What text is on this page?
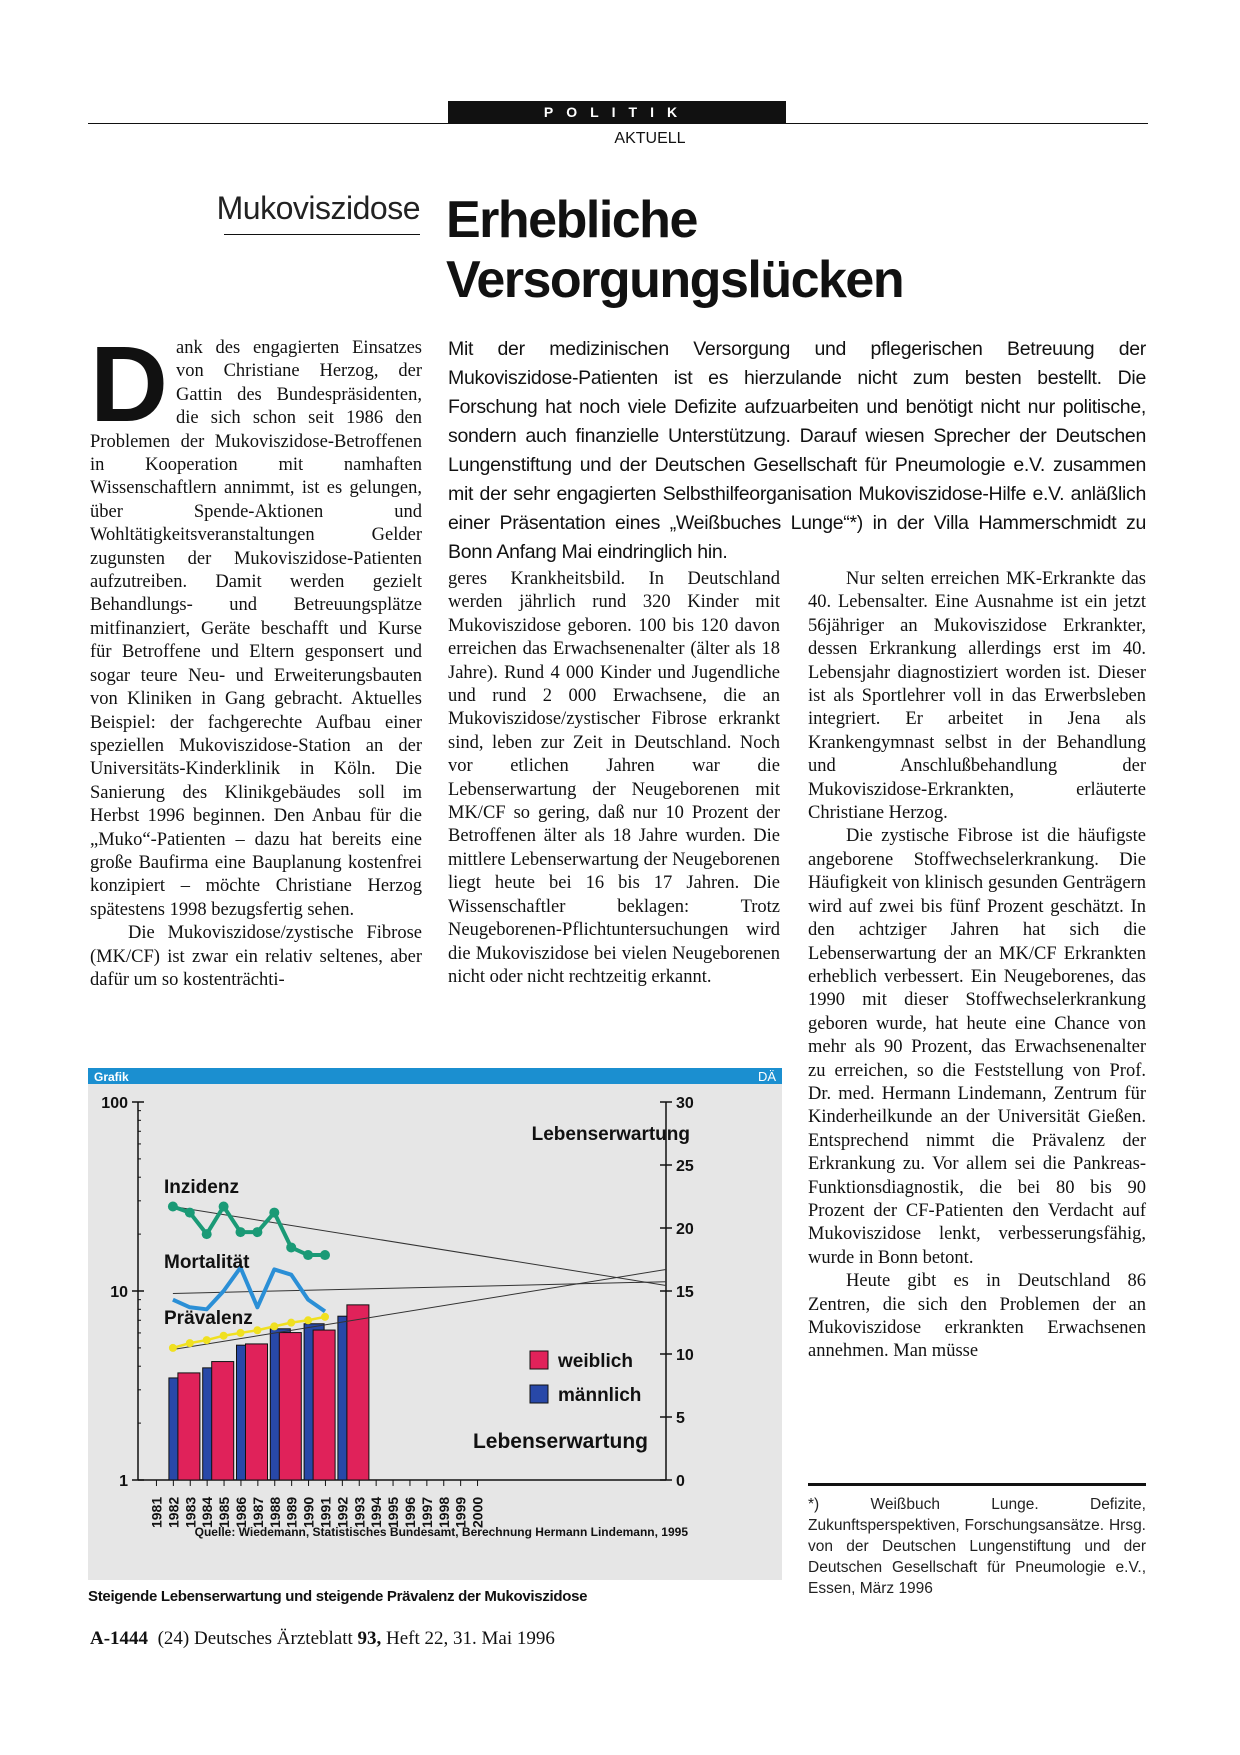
POLITIK
AKTUELL
Mukoviszidose Erhebliche
Versorgungslücken
Mit der medizinischen Versorgung und pflegerischen Betreuung der Mukoviszidose-Patienten ist es hierzulande nicht zum besten bestellt. Die Forschung hat noch viele Defizite aufzuarbeiten und benötigt nicht nur politische, sondern auch finanzielle Unterstützung. Darauf wiesen Sprecher der Deutschen Lungenstiftung und der Deutschen Gesellschaft für Pneumologie e.V. zusammen mit der sehr engagierten Selbsthilfeorganisation Mukoviszidose-Hilfe e.V. anläßlich einer Präsentation eines „Weißbuches Lunge“*) in der Villa Hammerschmidt zu Bonn Anfang Mai eindringlich hin.

Dank des engagierten Einsatzes von Christiane Herzog, der Gattin des Bundespräsidenten, die sich schon seit 1986 den Problemen der Mukoviszidose-Betroffenen in Kooperation mit namhaften Wissenschaftlern annimmt, ist es gelungen, über Spende-Aktionen und Wohltätigkeitsveranstaltungen Gelder zugunsten der Mukoviszidose-Patienten aufzutreiben. Damit werden gezielt Behandlungs- und Betreuungsplätze mitfinanziert, Geräte beschafft und Kurse für Betroffene und Eltern gesponsert und sogar teure Neu- und Erweiterungsbauten von Kliniken in Gang gebracht. Aktuelles Beispiel: der fachgerechte Aufbau einer speziellen Mukoviszidose-Station an der Universitäts-Kinderklinik in Köln. Die Sanierung des Klinikgebäudes soll im Herbst 1996 beginnen. Den Anbau für die „Muko“-Patienten – dazu hat bereits eine große Baufirma eine Bauplanung kostenfrei konzipiert – möchte Christiane Herzog spätestens 1998 bezugsfertig sehen.

Die Mukoviszidose/zystische Fibrose (MK/CF) ist zwar ein relativ seltenes, aber dafür um so kostenträchti-

geres Krankheitsbild. In Deutschland werden jährlich rund 320 Kinder mit Mukoviszidose geboren. 100 bis 120 davon erreichen das Erwachsenenalter (älter als 18 Jahre). Rund 4 000 Kinder und Jugendliche und rund 2 000 Erwachsene, die an Mukoviszidose/zystischer Fibrose erkrankt sind, leben zur Zeit in Deutschland. Noch vor etlichen Jahren war die Lebenserwartung der Neugeborenen mit MK/CF so gering, daß nur 10 Prozent der Betroffenen älter als 18 Jahre wurden. Die mittlere Lebenserwartung der Neugeborenen liegt heute bei 16 bis 17 Jahren. Die Wissenschaftler beklagen: Trotz Neugeborenen-Pflichtuntersuchungen wird die Mukoviszidose bei vielen Neugeborenen nicht oder nicht rechtzeitig erkannt.

Nur selten erreichen MK-Erkrankte das 40. Lebensalter. Eine Ausnahme ist ein jetzt 56jähriger an Mukoviszidose Erkrankter, dessen Erkrankung allerdings erst im 40. Lebensjahr diagnostiziert worden ist. Dieser ist als Sportlehrer voll in das Erwerbsleben integriert. Er arbeitet in Jena als Krankengymnast selbst in der Behandlung und Anschlußbehandlung der Mukoviszidose-Erkrankten, erläuterte Christiane Herzog.

Die zystische Fibrose ist die häufigste angeborene Stoffwechselerkrankung. Die Häufigkeit von klinisch gesunden Genträgern wird auf zwei bis fünf Prozent geschätzt. In den achtziger Jahren hat sich die Lebenserwartung der an MK/CF Erkrankten erheblich verbessert. Ein Neugeborenes, das 1990 mit dieser Stoffwechselerkrankung geboren wurde, hat heute eine Chance von mehr als 90 Prozent, das Erwachsenenalter zu erreichen, so die Feststellung von Prof. Dr. med. Hermann Lindemann, Zentrum für Kinderheilkunde an der Universität Gießen. Entsprechend nimmt die Prävalenz der Erkrankung zu. Vor allem sei die Pankreas-Funktionsdiagnostik, die bei 80 bis 90 Prozent der CF-Patienten den Verdacht auf Mukoviszidose lenkt, verbesserungsfähig, wurde in Bonn betont.

Heute gibt es in Deutschland 86 Zentren, die sich den Problemen der an Mukoviszidose erkrankten Erwachsenen annehmen. Man müsse

Grafik	DÄ
100
10
1
30
25
20
15
10
5
0
Lebenserwartung
1981 1982 1983 1984 1985 1986 1987 1988 1989 1990 1991 1992 1993 1994 1995 1996 1997 1998 1999 2000
Inzidenz
Mortalität
Prävalenz
weiblich
männlich
Lebenserwartung
Quelle: Wiedemann, Statistisches Bundesamt, Berechnung Hermann Lindemann, 1995
Steigende Lebenserwartung und steigende Prävalenz der Mukoviszidose
*) Weißbuch Lunge. Defizite, Zukunftsperspektiven, Forschungsansätze. Hrsg. von der Deutschen Lungenstiftung und der Deutschen Gesellschaft für Pneumologie e.V., Essen, März 1996
A-1444 (24) Deutsches Ärzteblatt 93, Heft 22, 31. Mai 1996
